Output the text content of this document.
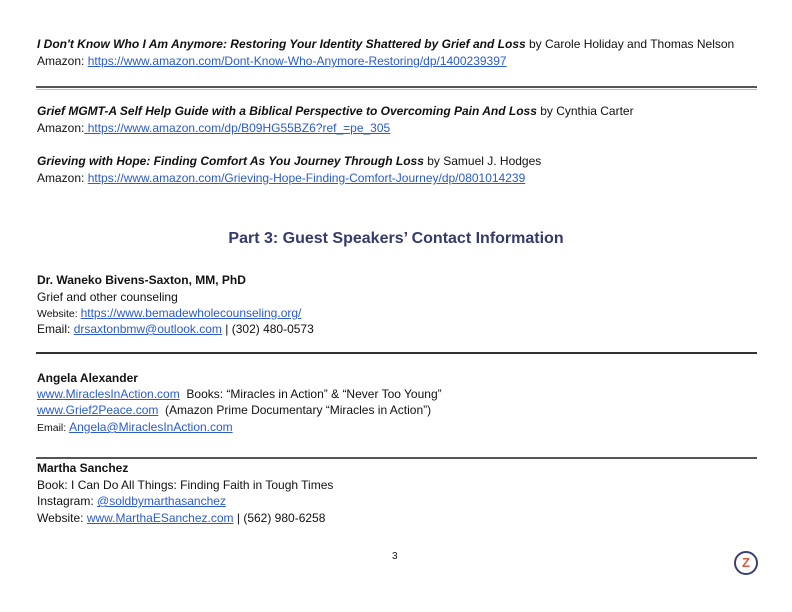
I Don't Know Who I Am Anymore: Restoring Your Identity Shattered by Grief and Loss by Carole Holiday and Thomas Nelson
Amazon: https://www.amazon.com/Dont-Know-Who-Anymore-Restoring/dp/1400239397
Grief MGMT-A Self Help Guide with a Biblical Perspective to Overcoming Pain And Loss by Cynthia Carter
Amazon: https://www.amazon.com/dp/B09HG55BZ6?ref_=pe_305
Grieving with Hope: Finding Comfort As You Journey Through Loss by Samuel J. Hodges
Amazon: https://www.amazon.com/Grieving-Hope-Finding-Comfort-Journey/dp/0801014239
Part 3: Guest Speakers’ Contact Information
Dr. Waneko Bivens-Saxton, MM, PhD
Grief and other counseling
Website: https://www.bemadewholecounseling.org/
Email: drsaxtonbmw@outlook.com | (302) 480-0573
Angela Alexander
www.MiraclesInAction.com  Books: “Miracles in Action” & “Never Too Young”
www.Grief2Peace.com  (Amazon Prime Documentary “Miracles in Action”)
Email: Angela@MiraclesInAction.com
Martha Sanchez
Book: I Can Do All Things: Finding Faith in Tough Times
Instagram: @soldbymarthasanchez
Website: www.MarthaESanchez.com | (562) 980-6258
3	Z
